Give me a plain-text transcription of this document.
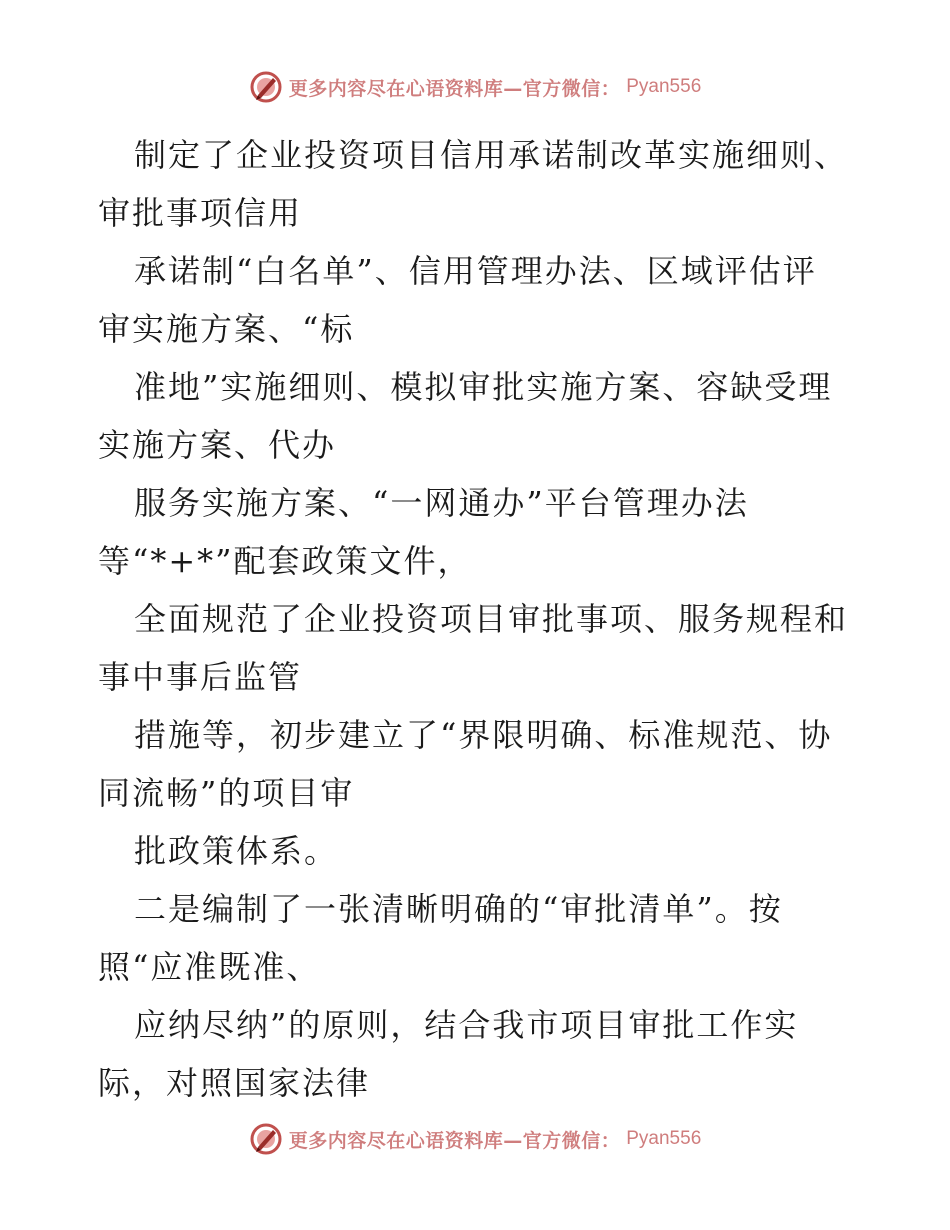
更多内容尽在心语资料库—官方微信： Pyan556
制定了企业投资项目信用承诺制改革实施细则、
审批事项信用
承诺制“白名单”、信用管理办法、区域评估评
审实施方案、“标
准地”实施细则、模拟审批实施方案、容缺受理
实施方案、代办
服务实施方案、“一网通办”平台管理办法
等“*+*”配套政策文件，
全面规范了企业投资项目审批事项、服务规程和
事中事后监管
措施等，初步建立了“界限明确、标准规范、协
同流畅”的项目审
批政策体系。
二是编制了一张清晰明确的“审批清单”。按
照“应准既准、
应纳尽纳”的原则，结合我市项目审批工作实
际，对照国家法律
更多内容尽在心语资料库—官方微信： Pyan556
